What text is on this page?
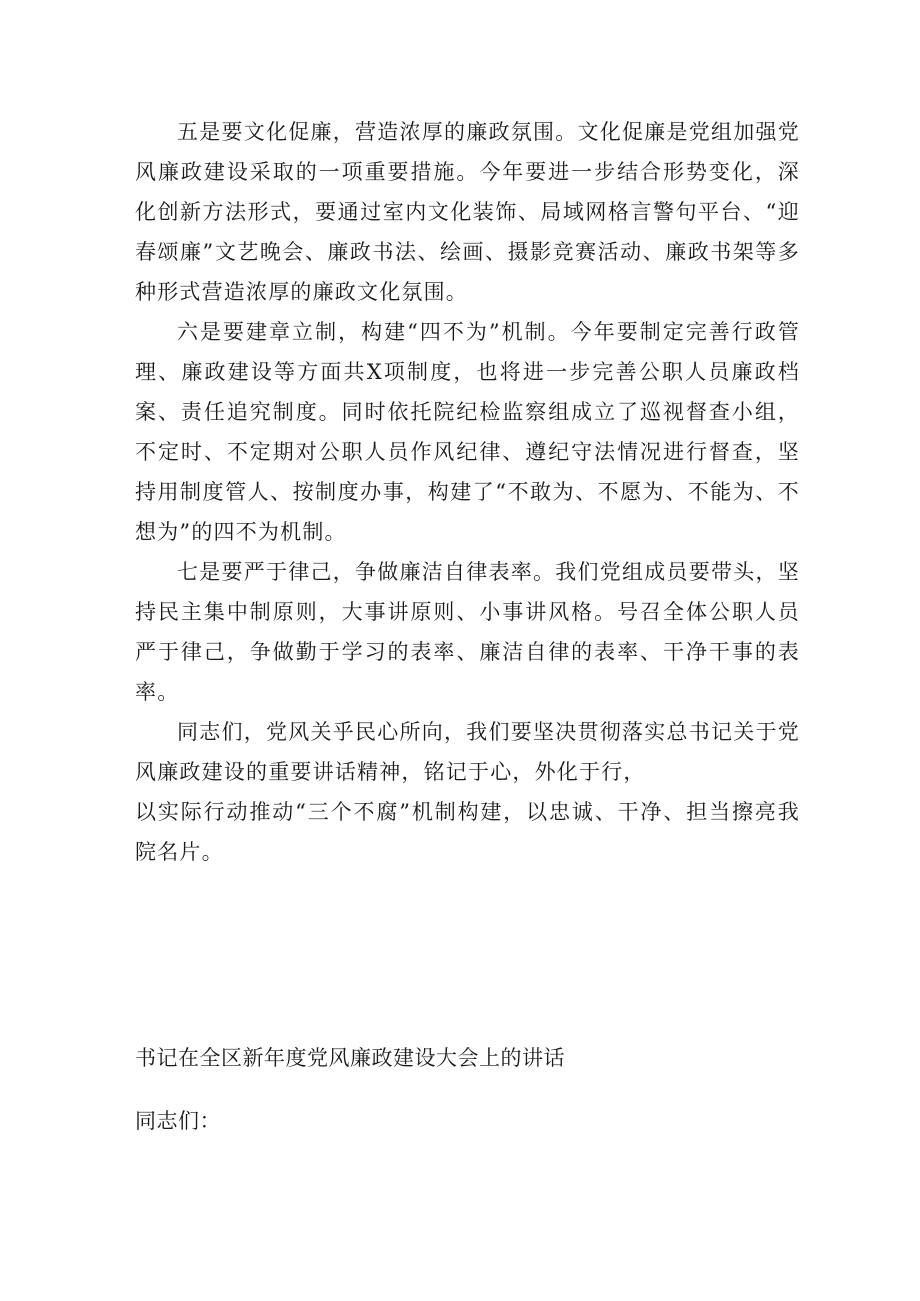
五是要文化促廉，营造浓厚的廉政氛围。文化促廉是党组加强党风廉政建设采取的一项重要措施。今年要进一步结合形势变化，深化创新方法形式，要通过室内文化装饰、局域网格言警句平台、“迎春颂廉”文艺晚会、廉政书法、绘画、摄影竞赛活动、廉政书架等多种形式营造浓厚的廉政文化氛围。

六是要建章立制，构建“四不为”机制。今年要制定完善行政管理、廉政建设等方面共X项制度，也将进一步完善公职人员廉政档案、责任追究制度。同时依托院纪检监察组成立了巡视督查小组，不定时、不定期对公职人员作风纪律、遵纪守法情况进行督查，坚持用制度管人、按制度办事，构建了“不敢为、不愿为、不能为、不想为”的四不为机制。

七是要严于律己，争做廉洁自律表率。我们党组成员要带头，坚持民主集中制原则，大事讲原则、小事讲风格。号召全体公职人员严于律己，争做勤于学习的表率、廉洁自律的表率、干净干事的表率。

同志们，党风关乎民心所向，我们要坚决贯彻落实总书记关于党风廉政建设的重要讲话精神，铭记于心，外化于行，
以实际行动推动“三个不腐”机制构建，以忠诚、干净、担当擦亮我院名片。

书记在全区新年度党风廉政建设大会上的讲话

同志们：
